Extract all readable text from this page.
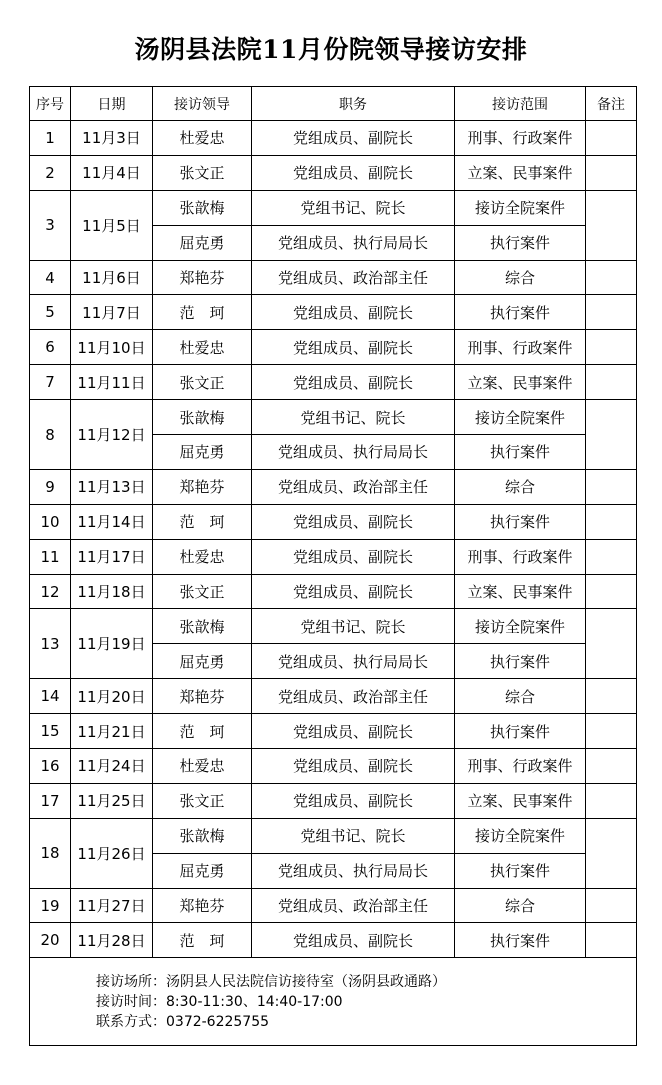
汤阴县法院11月份院领导接访安排
序号	日期	接访领导	职务	接访范围	备注
1	11月3日	杜爱忠	党组成员、副院长	刑事、行政案件	
2	11月4日	张文正	党组成员、副院长	立案、民事案件	
3	11月5日	张歆梅	党组书记、院长	接访全院案件	
		屈克勇	党组成员、执行局局长	执行案件	
4	11月6日	郑艳芬	党组成员、政治部主任	综合	
5	11月7日	范　珂	党组成员、副院长	执行案件	
6	11月10日	杜爱忠	党组成员、副院长	刑事、行政案件	
7	11月11日	张文正	党组成员、副院长	立案、民事案件	
8	11月12日	张歆梅	党组书记、院长	接访全院案件	
		屈克勇	党组成员、执行局局长	执行案件	
9	11月13日	郑艳芬	党组成员、政治部主任	综合	
10	11月14日	范　珂	党组成员、副院长	执行案件	
11	11月17日	杜爱忠	党组成员、副院长	刑事、行政案件	
12	11月18日	张文正	党组成员、副院长	立案、民事案件	
13	11月19日	张歆梅	党组书记、院长	接访全院案件	
		屈克勇	党组成员、执行局局长	执行案件	
14	11月20日	郑艳芬	党组成员、政治部主任	综合	
15	11月21日	范　珂	党组成员、副院长	执行案件	
16	11月24日	杜爱忠	党组成员、副院长	刑事、行政案件	
17	11月25日	张文正	党组成员、副院长	立案、民事案件	
18	11月26日	张歆梅	党组书记、院长	接访全院案件	
		屈克勇	党组成员、执行局局长	执行案件	
19	11月27日	郑艳芬	党组成员、政治部主任	综合	
20	11月28日	范　珂	党组成员、副院长	执行案件	

接访场所：汤阴县人民法院信访接待室（汤阴县政通路）
接访时间：8:30-11:30、14:40-17:00
联系方式：0372-6225755					
